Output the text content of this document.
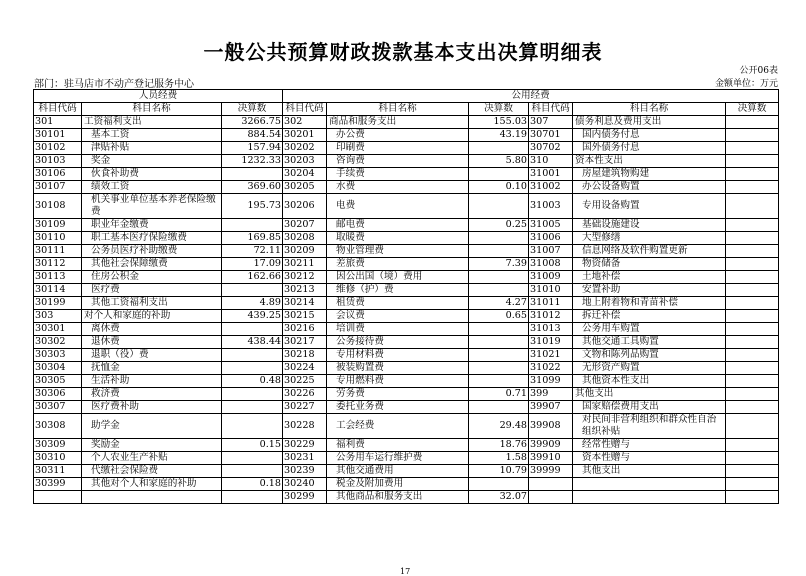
一般公共预算财政拨款基本支出决算明细表
公开06表
部门：驻马店市不动产登记服务中心	金额单位：万元
人员经费			公用经费					
科目代码	科目名称	决算数	科目代码	科目名称	决算数	科目代码	科目名称	决算数
301	工资福利支出	3266.75	302	商品和服务支出	155.03	307	债务利息及费用支出	
30101	基本工资	884.54	30201	办公费	43.19	30701	国内债务付息	
30102	津贴补贴	157.94	30202	印刷费		30702	国外债务付息	
30103	奖金	1232.33	30203	咨询费	5.80	310	资本性支出	
30106	伙食补助费		30204	手续费		31001	房屋建筑物购建	
30107	绩效工资	369.60	30205	水费	0.10	31002	办公设备购置	
30108	机关事业单位基本养老保险缴费	195.73	30206	电费		31003	专用设备购置	
30109	职业年金缴费		30207	邮电费	0.25	31005	基础设施建设	
30110	职工基本医疗保险缴费	169.85	30208	取暖费		31006	大型修缮	
30111	公务员医疗补助缴费	72.11	30209	物业管理费		31007	信息网络及软件购置更新	
30112	其他社会保障缴费	17.09	30211	差旅费	7.39	31008	物资储备	
30113	住房公积金	162.66	30212	因公出国（境）费用		31009	土地补偿	
30114	医疗费		30213	维修（护）费		31010	安置补助	
30199	其他工资福利支出	4.89	30214	租赁费	4.27	31011	地上附着物和青苗补偿	
303	对个人和家庭的补助	439.25	30215	会议费	0.65	31012	拆迁补偿	
30301	离休费		30216	培训费		31013	公务用车购置	
30302	退休费	438.44	30217	公务接待费		31019	其他交通工具购置	
30303	退职（役）费		30218	专用材料费		31021	文物和陈列品购置	
30304	抚恤金		30224	被装购置费		31022	无形资产购置	
30305	生活补助	0.48	30225	专用燃料费		31099	其他资本性支出	
30306	救济费		30226	劳务费	0.71	399	其他支出	
30307	医疗费补助		30227	委托业务费		39907	国家赔偿费用支出	
30308	助学金		30228	工会经费	29.48	39908	对民间非营利组织和群众性自治组织补贴	
30309	奖励金	0.15	30229	福利费	18.76	39909	经常性赠与	
30310	个人农业生产补贴		30231	公务用车运行维护费	1.58	39910	资本性赠与	
30311	代缴社会保险费		30239	其他交通费用	10.79	39999	其他支出	
30399	其他对个人和家庭的补助	0.18	30240	税金及附加费用				
			30299	其他商品和服务支出	32.07			
17
